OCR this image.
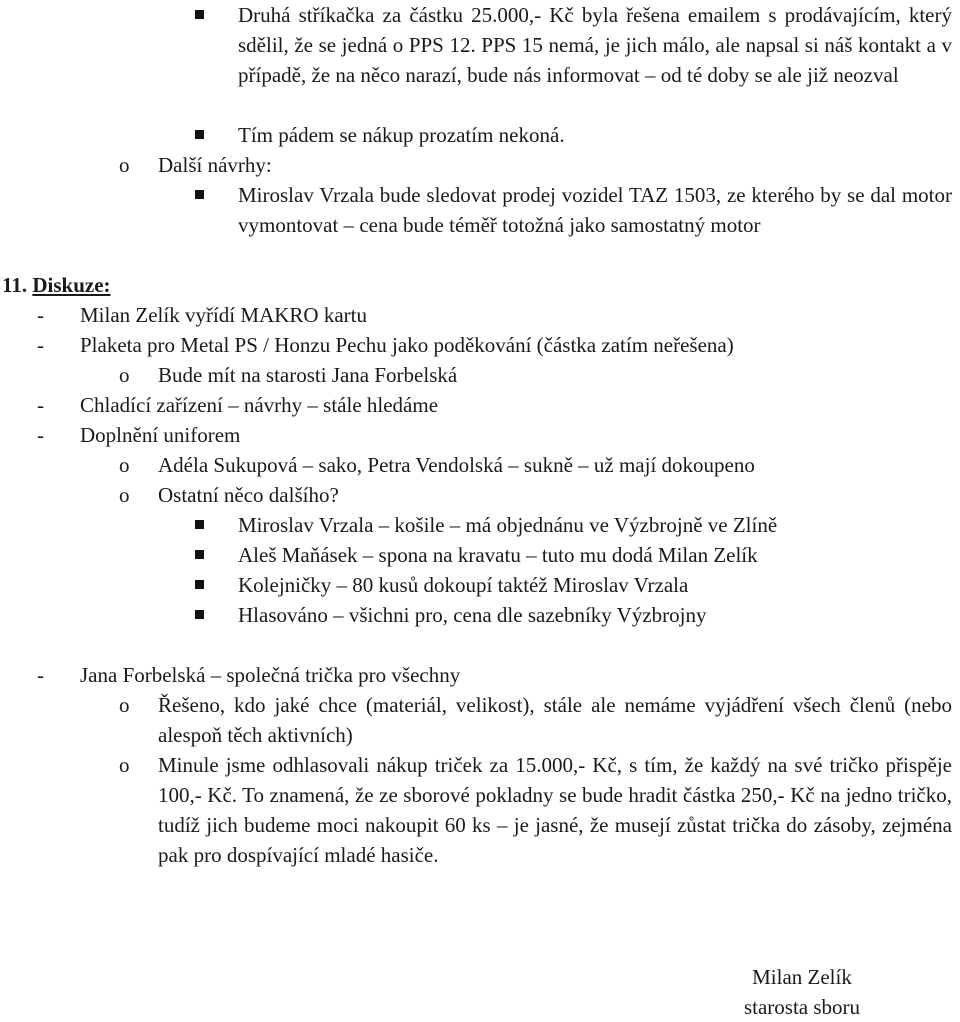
Druhá stříkačka za částku 25.000,- Kč byla řešena emailem s prodávajícím, který sdělil, že se jedná o PPS 12. PPS 15 nemá, je jich málo, ale napsal si náš kontakt a v případě, že na něco narazí, bude nás informovat – od té doby se ale již neozval
Tím pádem se nákup prozatím nekoná.
o Další návrhy:
Miroslav Vrzala bude sledovat prodej vozidel TAZ 1503, ze kterého by se dal motor vymontovat – cena bude téměř totožná jako samostatný motor
11. Diskuze:
- Milan Zelík vyřídí MAKRO kartu
- Plaketa pro Metal PS / Honzu Pechu jako poděkování (částka zatím neřešena)
o Bude mít na starosti Jana Forbelská
- Chladící zařízení – návrhy – stále hledáme
- Doplnění uniforem
o Adéla Sukupová – sako, Petra Vendolská – sukně – už mají dokoupeno
o Ostatní něco dalšího?
Miroslav Vrzala – košile – má objednánu ve Výzbrojně ve Zlíně
Aleš Maňásek – spona na kravatu – tuto mu dodá Milan Zelík
Kolejničky – 80 kusů dokoupí taktéž Miroslav Vrzala
Hlasováno – všichni pro, cena dle sazebníky Výzbrojny
- Jana Forbelská – společná trička pro všechny
o Řešeno, kdo jaké chce (materiál, velikost), stále ale nemáme vyjádření všech členů (nebo alespoň těch aktivních)
o Minule jsme odhlasovali nákup triček za 15.000,- Kč, s tím, že každý na své tričko přispěje 100,- Kč. To znamená, že ze sborové pokladny se bude hradit částka 250,- Kč na jedno tričko, tudíž jich budeme moci nakoupit 60 ks – je jasné, že musejí zůstat trička do zásoby, zejména pak pro dospívající mladé hasiče.
Milan Zelík
starosta sboru
